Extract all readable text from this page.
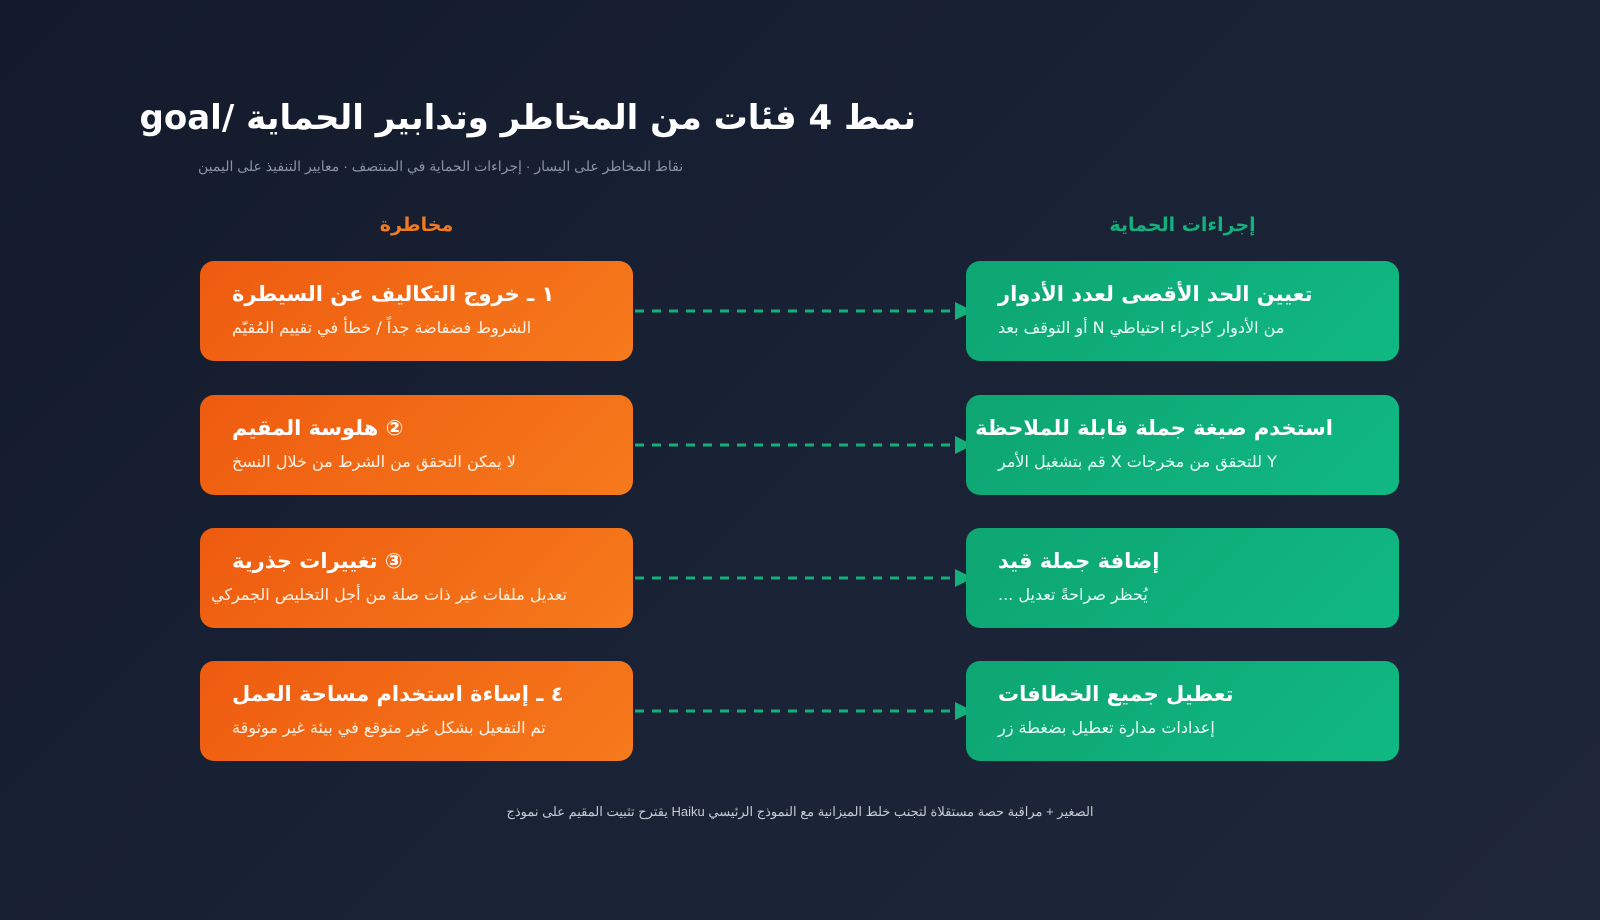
نمط 4 فئات من المخاطر وتدابير الحماية /goal
نقاط المخاطر على اليسار · إجراءات الحماية في المنتصف · معايير التنفيذ على اليمين
مخاطرة	إجراءات الحماية
١ ـ خروج التكاليف عن السيطرة
الشروط فضفاضة جداً / خطأ في تقييم المُقيّم
تعيين الحد الأقصى لعدد الأدوار
من الأدوار كإجراء احتياطي N أو التوقف بعد
② هلوسة المقيم
لا يمكن التحقق من الشرط من خلال النسخ
استخدم صيغة جملة قابلة للملاحظة
Y للتحقق من مخرجات X قم بتشغيل الأمر
③ تغييرات جذرية
تعديل ملفات غير ذات صلة من أجل التخليص الجمركي
إضافة جملة قيد
يُحظر صراحةً تعديل ...
٤ ـ إساءة استخدام مساحة العمل
تم التفعيل بشكل غير متوقع في بيئة غير موثوقة
تعطيل جميع الخطافات
إعدادات مدارة تعطيل بضغطة زر
الصغير + مراقبة حصة مستقلاة لتجنب خلط الميزانية مع النموذج الرئيسي Haiku يقترح تثبيت المقيم على نموذج
